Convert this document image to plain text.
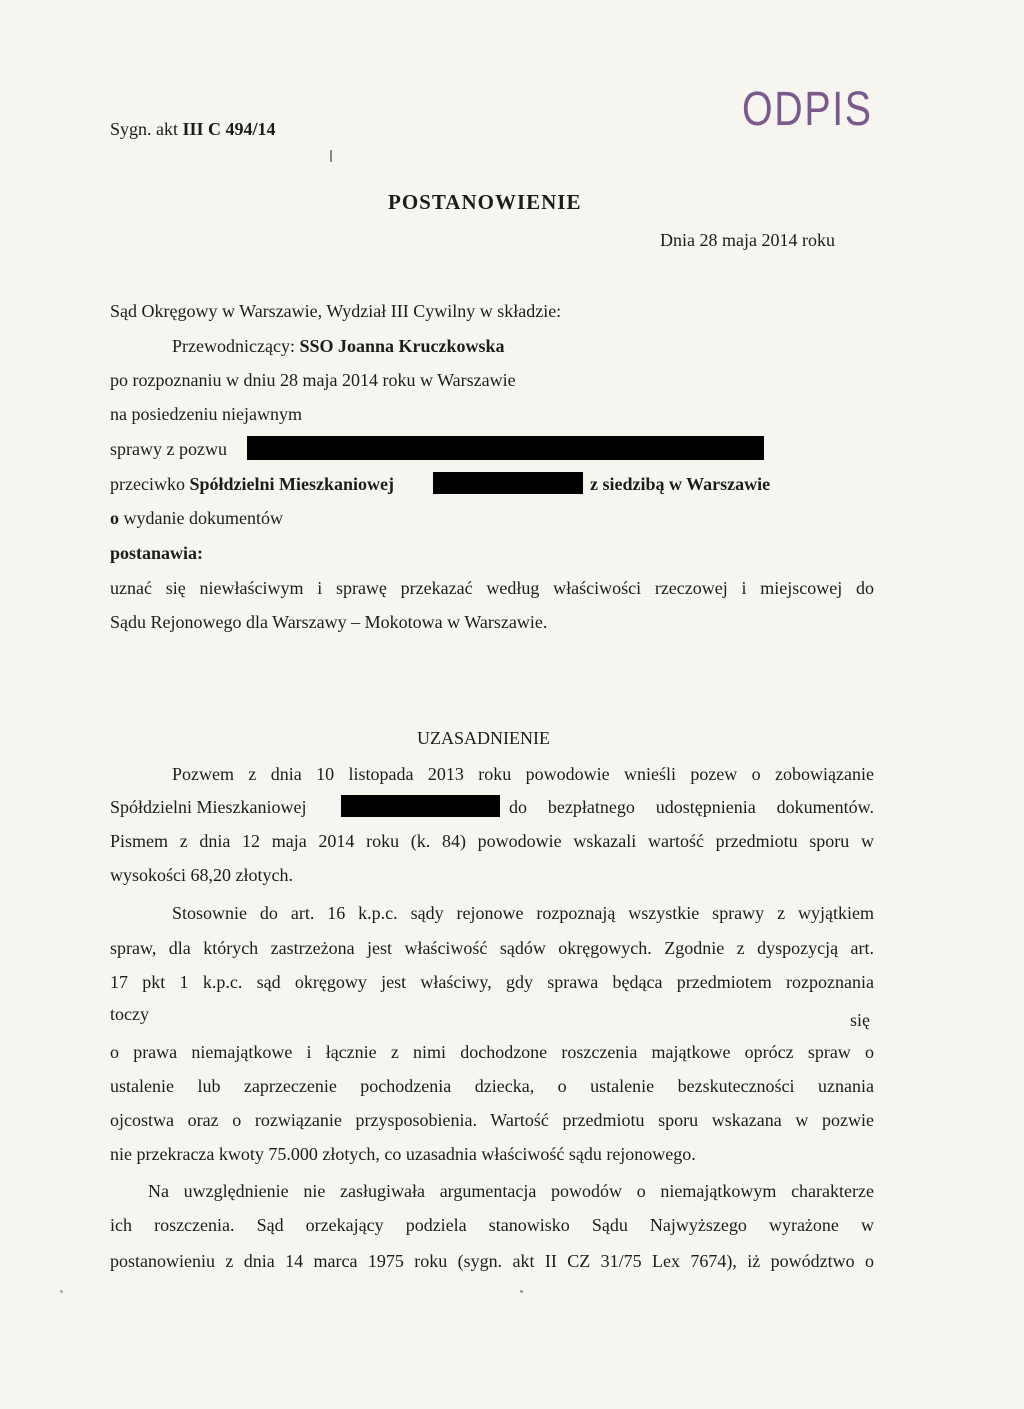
Sygn. akt III C 494/14	ODPIS
POSTANOWIENIE
Dnia 28 maja 2014 roku
Sąd Okręgowy w Warszawie, Wydział III Cywilny w składzie:
Przewodniczący: SSO Joanna Kruczkowska
po rozpoznaniu w dniu 28 maja 2014 roku w Warszawie
na posiedzeniu niejawnym
sprawy z pozwu
przeciwko Spółdzielni Mieszkaniowej	z siedzibą w Warszawie
o wydanie dokumentów
postanawia:
uznać się niewłaściwym i sprawę przekazać według właściwości rzeczowej i miejscowej do
Sądu Rejonowego dla Warszawy – Mokotowa w Warszawie.
UZASADNIENIE
Pozwem z dnia 10 listopada 2013 roku powodowie wnieśli pozew o zobowiązanie
Spółdzielni Mieszkaniowej	do bezpłatnego udostępnienia dokumentów.
Pismem z dnia 12 maja 2014 roku (k. 84) powodowie wskazali wartość przedmiotu sporu w
wysokości 68,20 złotych.
Stosownie do art. 16 k.p.c. sądy rejonowe rozpoznają wszystkie sprawy z wyjątkiem
spraw, dla których zastrzeżona jest właściwość sądów okręgowych. Zgodnie z dyspozycją art.
17 pkt 1 k.p.c. sąd okręgowy jest właściwy, gdy sprawa będąca przedmiotem rozpoznania
toczy	się
o prawa niemajątkowe i łącznie z nimi dochodzone roszczenia majątkowe oprócz spraw o
ustalenie lub zaprzeczenie pochodzenia dziecka, o ustalenie bezskuteczności uznania
ojcostwa oraz o rozwiązanie przysposobienia. Wartość przedmiotu sporu wskazana w pozwie
nie przekracza kwoty 75.000 złotych, co uzasadnia właściwość sądu rejonowego.
Na uwzględnienie nie zasługiwała argumentacja powodów o niemajątkowym charakterze
ich roszczenia. Sąd orzekający podziela stanowisko Sądu Najwyższego wyrażone w
postanowieniu z dnia 14 marca 1975 roku (sygn. akt II CZ 31/75 Lex 7674), iż powództwo o
